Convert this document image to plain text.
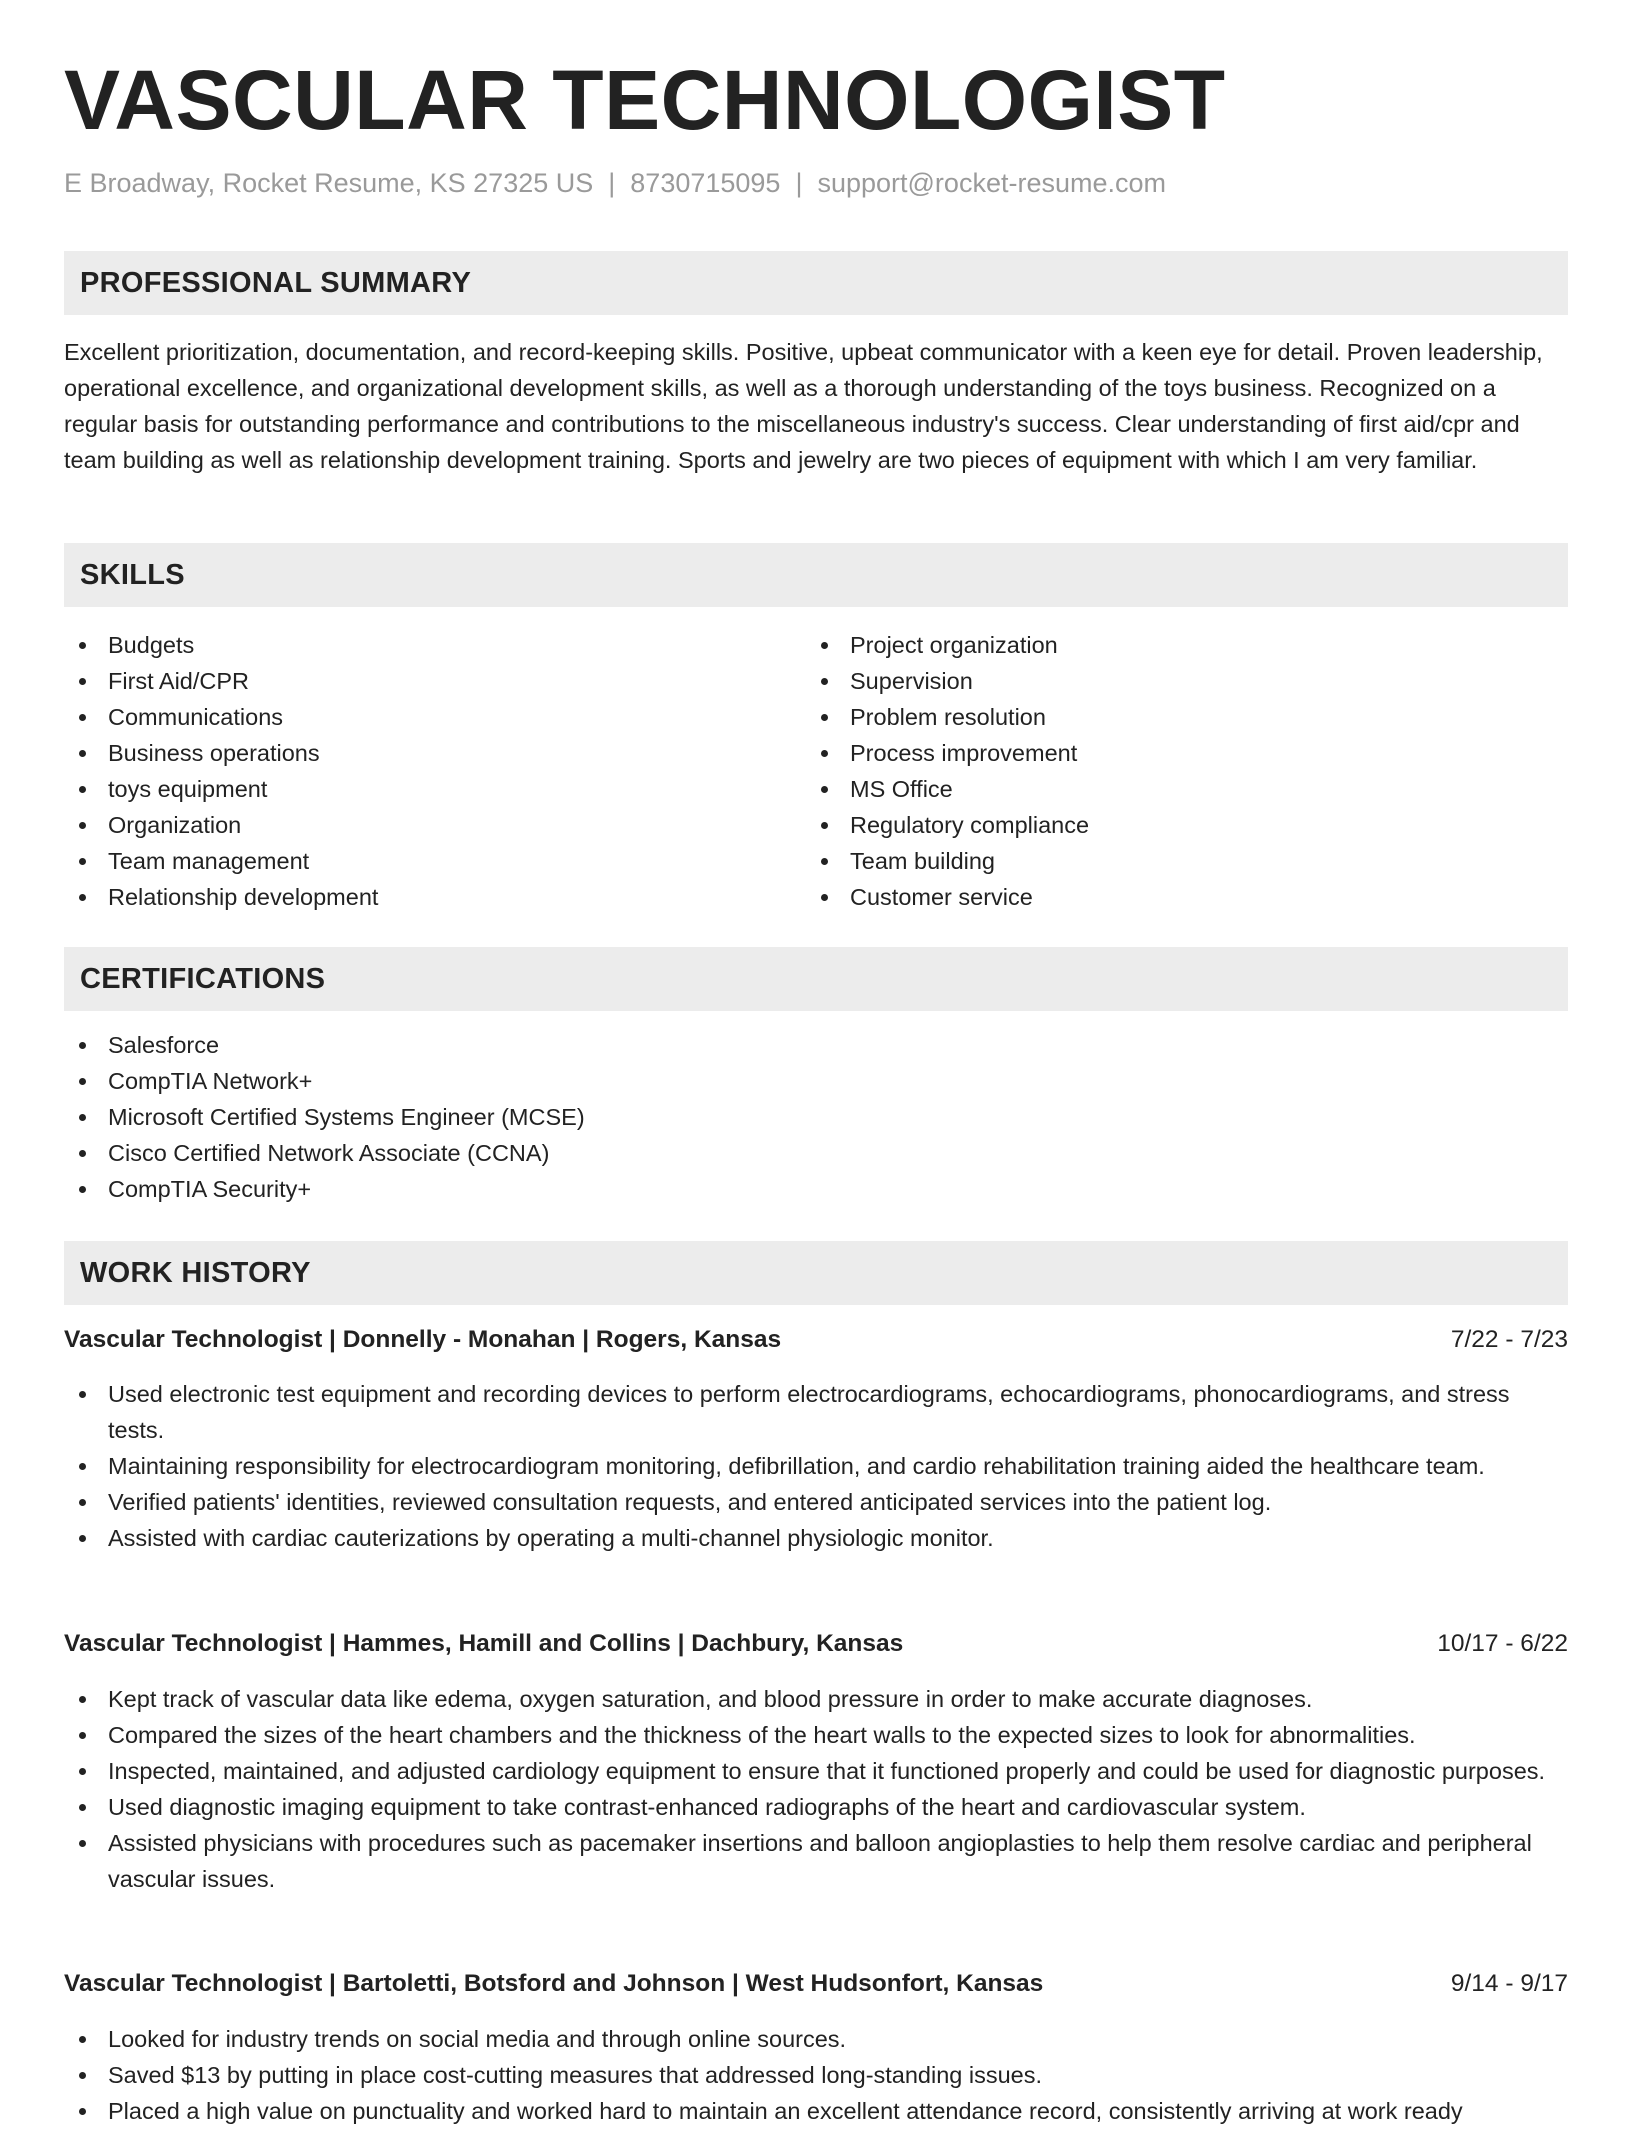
VASCULAR TECHNOLOGIST
E Broadway, Rocket Resume, KS 27325 US | 8730715095 | support@rocket-resume.com
PROFESSIONAL SUMMARY

Excellent prioritization, documentation, and record-keeping skills. Positive, upbeat communicator with a keen eye for detail. Proven leadership, operational excellence, and organizational development skills, as well as a thorough understanding of the toys business. Recognized on a regular basis for outstanding performance and contributions to the miscellaneous industry's success. Clear understanding of first aid/cpr and team building as well as relationship development training. Sports and jewelry are two pieces of equipment with which I am very familiar.

SKILLS
Budgets
First Aid/CPR
Communications
Business operations
toys equipment
Organization
Team management
Relationship development
Project organization
Supervision
Problem resolution
Process improvement
MS Office
Regulatory compliance
Team building
Customer service
CERTIFICATIONS
Salesforce
CompTIA Network+
Microsoft Certified Systems Engineer (MCSE)
Cisco Certified Network Associate (CCNA)
CompTIA Security+
WORK HISTORY
Vascular Technologist | Donnelly - Monahan | Rogers, Kansas	7/22 - 7/23
Used electronic test equipment and recording devices to perform electrocardiograms, echocardiograms, phonocardiograms, and stress tests.
Maintaining responsibility for electrocardiogram monitoring, defibrillation, and cardio rehabilitation training aided the healthcare team.
Verified patients' identities, reviewed consultation requests, and entered anticipated services into the patient log.
Assisted with cardiac cauterizations by operating a multi-channel physiologic monitor.
Vascular Technologist | Hammes, Hamill and Collins | Dachbury, Kansas	10/17 - 6/22
Kept track of vascular data like edema, oxygen saturation, and blood pressure in order to make accurate diagnoses.
Compared the sizes of the heart chambers and the thickness of the heart walls to the expected sizes to look for abnormalities.
Inspected, maintained, and adjusted cardiology equipment to ensure that it functioned properly and could be used for diagnostic purposes.
Used diagnostic imaging equipment to take contrast-enhanced radiographs of the heart and cardiovascular system.
Assisted physicians with procedures such as pacemaker insertions and balloon angioplasties to help them resolve cardiac and peripheral vascular issues.
Vascular Technologist | Bartoletti, Botsford and Johnson | West Hudsonfort, Kansas	9/14 - 9/17
Looked for industry trends on social media and through online sources.
Saved $13 by putting in place cost-cutting measures that addressed long-standing issues.
Placed a high value on punctuality and worked hard to maintain an excellent attendance record, consistently arriving at work ready
